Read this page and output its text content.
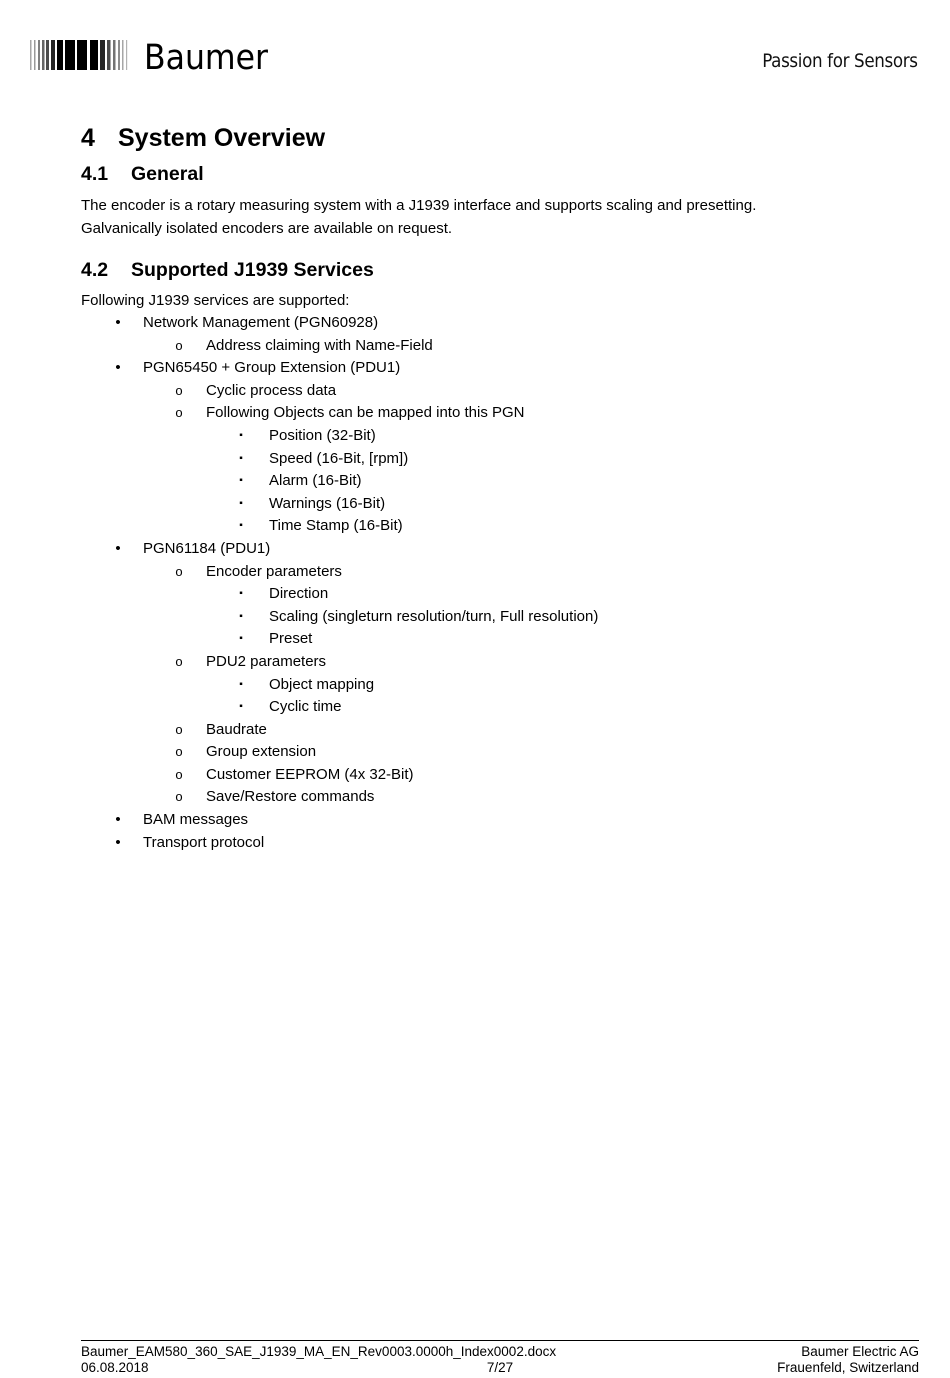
Baumer	Passion for Sensors
4 System Overview
4.1 General

The encoder is a rotary measuring system with a J1939 interface and supports scaling and presetting.
Galvanically isolated encoders are available on request.

4.2 Supported J1939 Services

Following J1939 services are supported:

•	Network Management (PGN60928)
o	Address claiming with Name-Field
•	PGN65450 + Group Extension (PDU1)
o	Cyclic process data
o	Following Objects can be mapped into this PGN
▪	Position (32-Bit)
▪	Speed (16-Bit, [rpm])
▪	Alarm (16-Bit)
▪	Warnings (16-Bit)
▪	Time Stamp (16-Bit)
•	PGN61184 (PDU1)
o	Encoder parameters
▪	Direction
▪	Scaling (singleturn resolution/turn, Full resolution)
▪	Preset
o	PDU2 parameters
▪	Object mapping
▪	Cyclic time
o	Baudrate
o	Group extension
o	Customer EEPROM (4x 32-Bit)
o	Save/Restore commands
•	BAM messages
•	Transport protocol
Baumer_EAM580_360_SAE_J1939_MA_EN_Rev0003.0000h_Index0002.docx
06.08.2018	7/27
Baumer Electric AG
Frauenfeld, Switzerland
